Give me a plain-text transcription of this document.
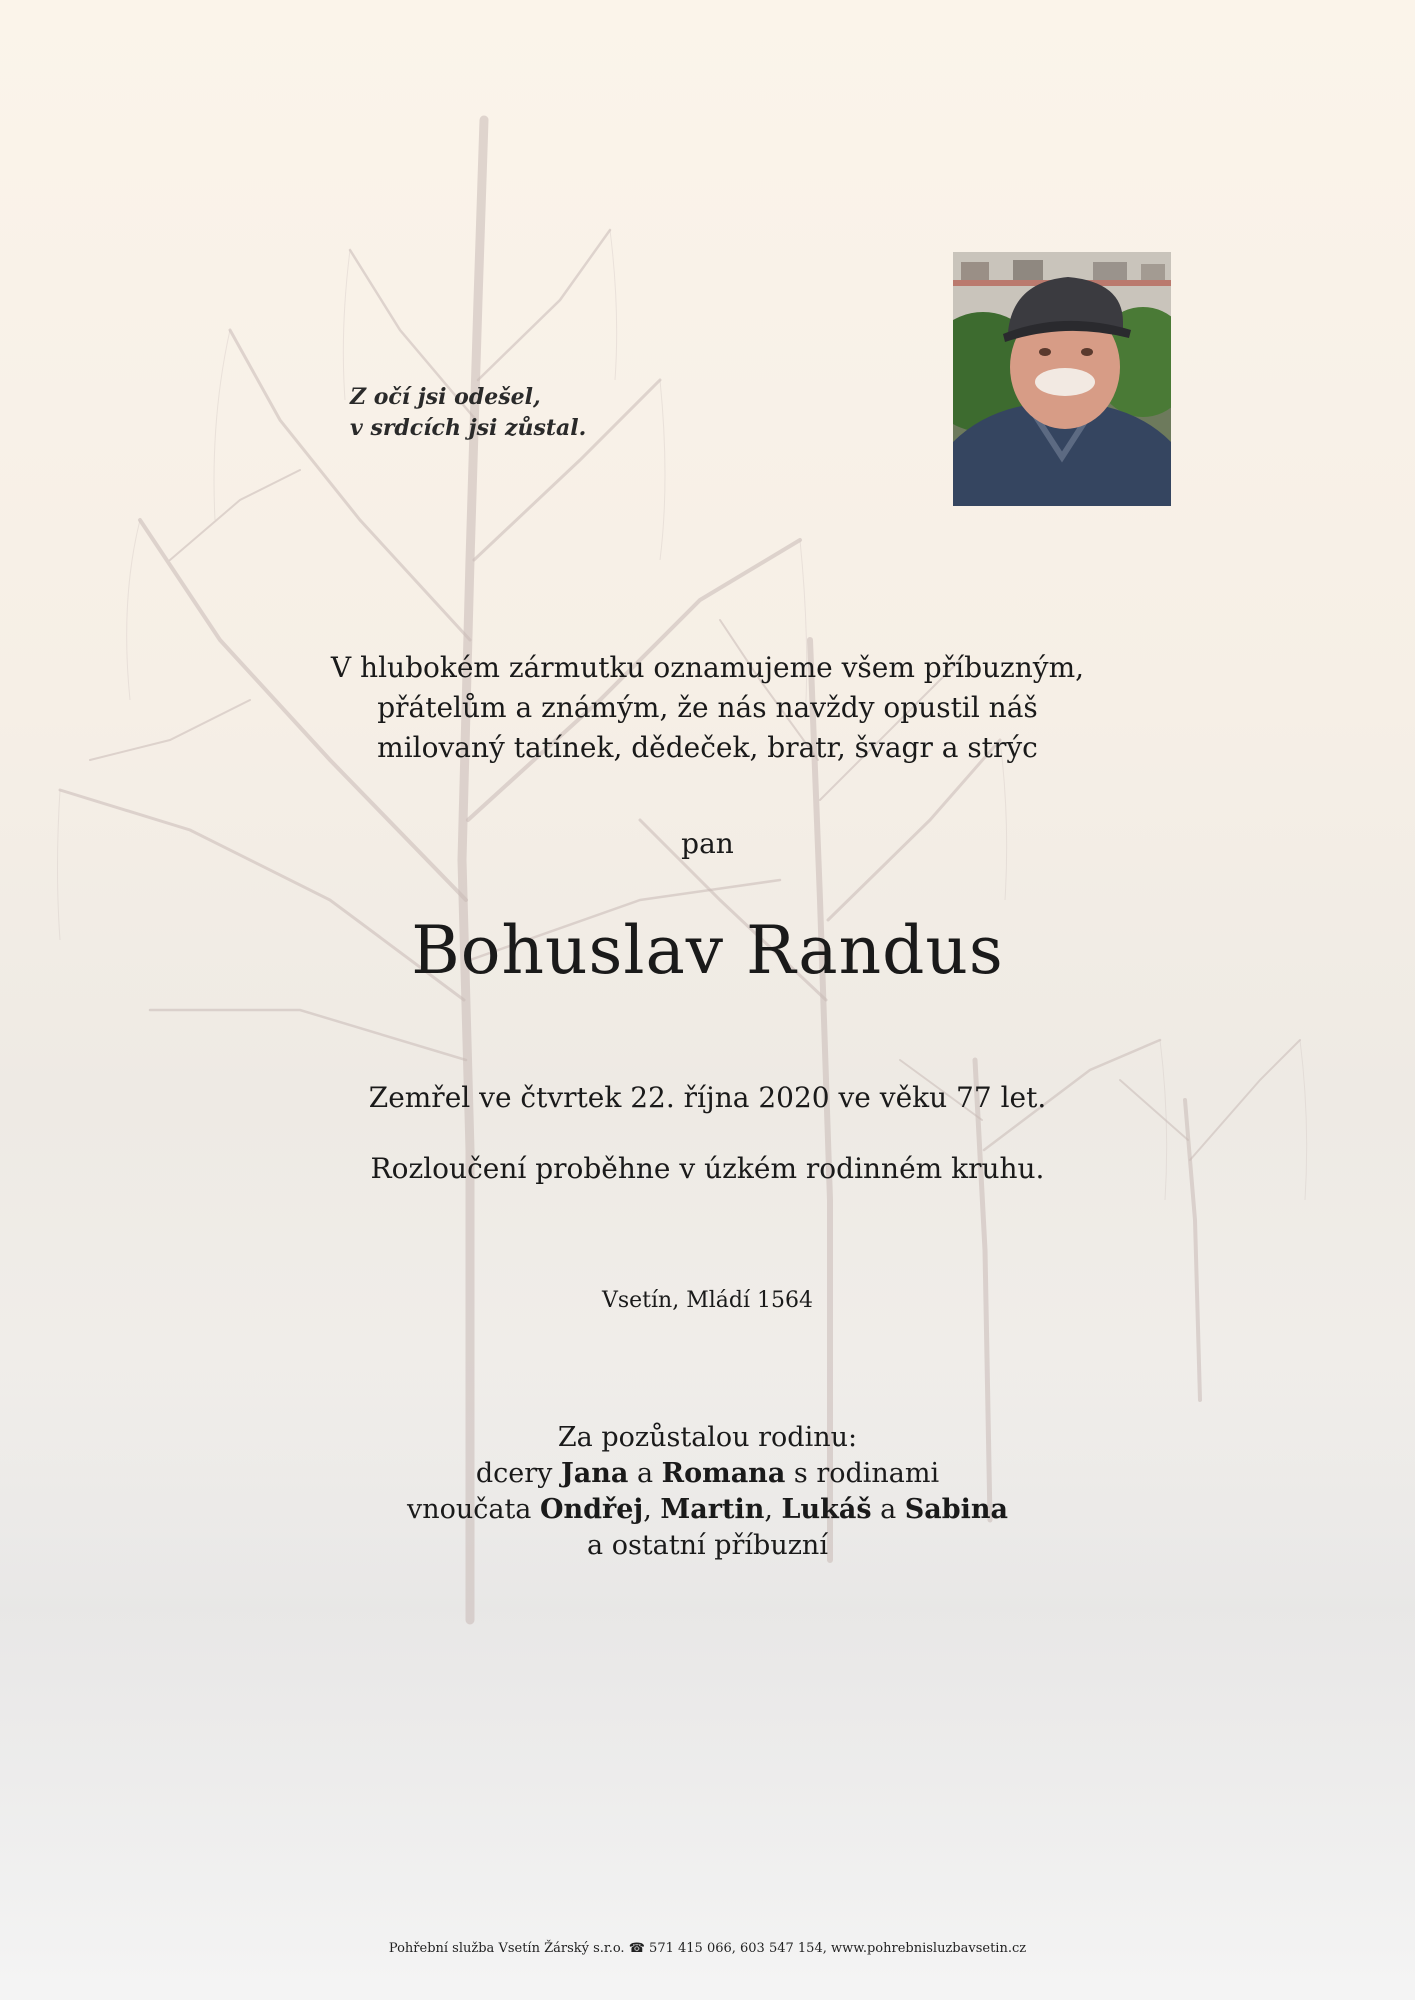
Z očí jsi odešel,
v srdcích jsi zůstal.
V hlubokém zármutku oznamujeme všem příbuzným,
přátelům a známým, že nás navždy opustil náš
milovaný tatínek, dědeček, bratr, švagr a strýc
pan
Bohuslav Randus
Zemřel ve čtvrtek 22. října 2020 ve věku 77 let.
Rozloučení proběhne v úzkém rodinném kruhu.
Vsetín, Mládí 1564
Za pozůstalou rodinu:
dcery Jana a Romana s rodinami
vnoučata Ondřej, Martin, Lukáš a Sabina
a ostatní příbuzní
Pohřební služba Vsetín Žárský s.r.o. ☎ 571 415 066, 603 547 154, www.pohrebnisluzbavsetin.cz
